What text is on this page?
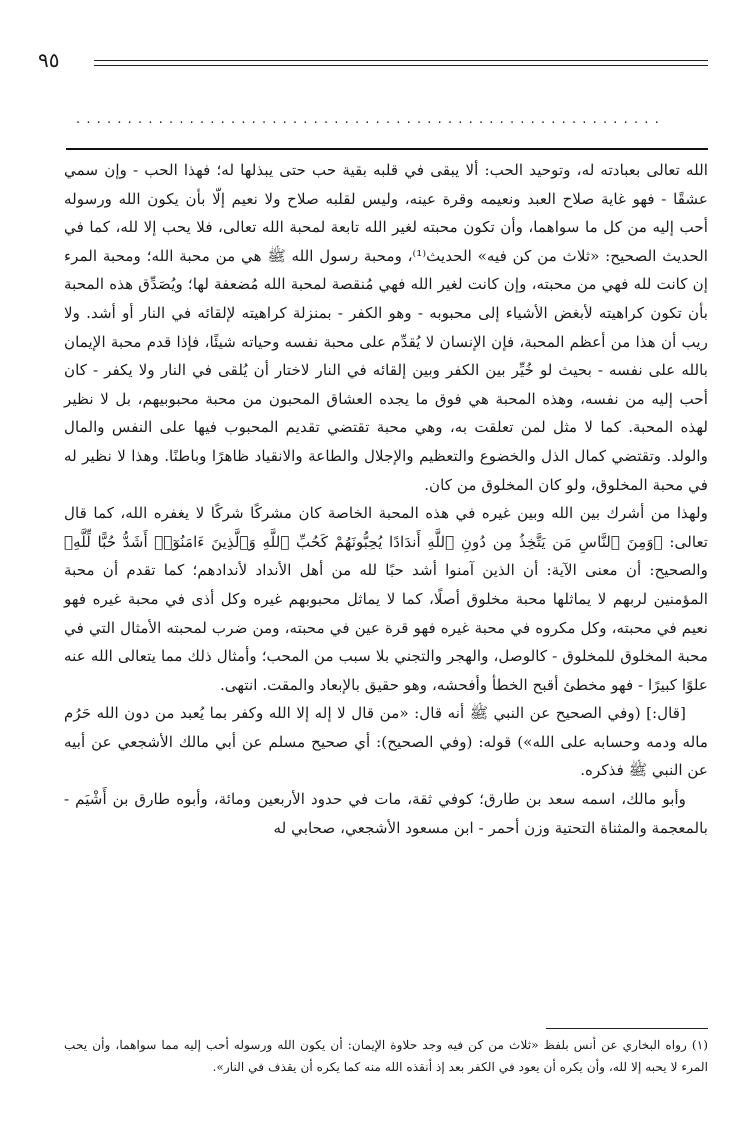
٩٥
.........................................................

الله تعالى بعبادته له، وتوحيد الحب: ألا يبقى في قلبه بقية حب حتى يبذلها له؛ فهذا الحب - وإن سمي عشقًا - فهو غاية صلاح العبد ونعيمه وقرة عينه، وليس لقلبه صلاح ولا نعيم إلّا بأن يكون الله ورسوله أحب إليه من كل ما سواهما، وأن تكون محبته لغير الله تابعة لمحبة الله تعالى، فلا يحب إلا لله، كما في الحديث الصحيح: «ثلاث من كن فيه» الحديث⁽¹⁾، ومحبة رسول الله ﷺ هي من محبة الله؛ ومحبة المرء إن كانت لله فهي من محبته، وإن كانت لغير الله فهي مُنقصة لمحبة الله مُضعفة لها؛ ويُصَدِّق هذه المحبة بأن تكون كراهيته لأبغض الأشياء إلى محبوبه - وهو الكفر - بمنزلة كراهيته لإلقائه في النار أو أشد. ولا ريب أن هذا من أعظم المحبة، فإن الإنسان لا يُقدِّم على محبة نفسه وحياته شيئًا، فإذا قدم محبة الإيمان بالله على نفسه - بحيث لو خُيِّر بين الكفر وبين إلقائه في النار لاختار أن يُلقى في النار ولا يكفر - كان أحب إليه من نفسه، وهذه المحبة هي فوق ما يجده العشاق المحبون من محبة محبوبيهم، بل لا نظير لهذه المحبة. كما لا مثل لمن تعلقت به، وهي محبة تقتضي تقديم المحبوب فيها على النفس والمال والولد. وتقتضي كمال الذل والخضوع والتعظيم والإجلال والطاعة والانقياد ظاهرًا وباطنًا. وهذا لا نظير له في محبة المخلوق، ولو كان المخلوق من كان.

ولهذا من أشرك بين الله وبين غيره في هذه المحبة الخاصة كان مشركًا شركًا لا يغفره الله، كما قال تعالى: ﴿وَمِنَ ٱلنَّاسِ مَن يَتَّخِذُ مِن دُونِ ٱللَّهِ أَندَادًا يُحِبُّونَهُمْ كَحُبِّ ٱللَّهِ وَٱلَّذِينَ ءَامَنُوٓا۟ أَشَدُّ حُبًّا لِّلَّهِ﴾ والصحيح: أن معنى الآية: أن الذين آمنوا أشد حبًا لله من أهل الأنداد لأندادهم؛ كما تقدم أن محبة المؤمنين لربهم لا يماثلها محبة مخلوق أصلًا، كما لا يماثل محبوبهم غيره وكل أذى في محبة غيره فهو نعيم في محبته، وكل مكروه في محبة غيره فهو قرة عين في محبته، ومن ضرب لمحبته الأمثال التي في محبة المخلوق للمخلوق - كالوصل، والهجر والتجني بلا سبب من المحب؛ وأمثال ذلك مما يتعالى الله عنه علوًا كبيرًا - فهو مخطئ أقبح الخطأ وأفحشه، وهو حقيق بالإبعاد والمقت. انتهى.

[قال:] (وفي الصحيح عن النبي ﷺ أنه قال: «من قال لا إله إلا الله وكفر بما يُعبد من دون الله حَرُم ماله ودمه وحسابه على الله») قوله: (وفي الصحيح): أي صحيح مسلم عن أبي مالك الأشجعي عن أبيه عن النبي ﷺ فذكره.

وأبو مالك، اسمه سعد بن طارق؛ كوفي ثقة، مات في حدود الأربعين ومائة، وأبوه طارق بن أَشْيَم - بالمعجمة والمثناة التحتية وزن أحمر - ابن مسعود الأشجعي، صحابي له

(١) رواه البخاري عن أنس بلفظ «ثلاث من كن فيه وجد حلاوة الإيمان: أن يكون الله ورسوله أحب إليه مما سواهما، وأن يحب المرء لا يحبه إلا لله، وأن يكره أن يعود في الكفر بعد إذ أنقذه الله منه كما يكره أن يقذف في النار».
